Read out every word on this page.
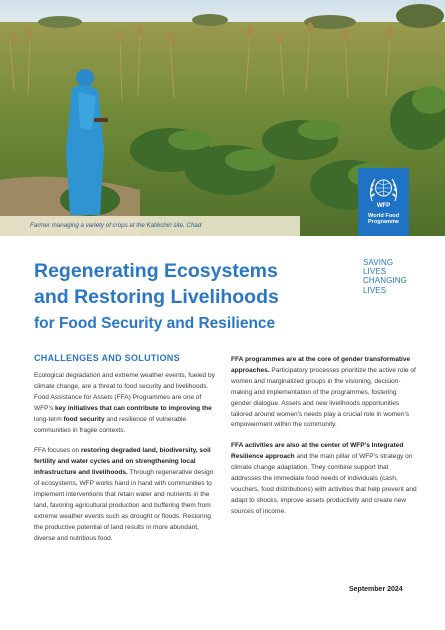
Farmer managing a variety of crops at the Katikchiri site, Chad
WFP
World Food
Programme
SAVING
LIVES
CHANGING
LIVES
Regenerating Ecosystems
and Restoring Livelihoods
for Food Security and Resilience
CHALLENGES AND SOLUTIONS

Ecological degradation and extreme weather events, fueled by climate change, are a threat to food security and livelihoods. Food Assistance for Assets (FFA) Programmes are one of WFP’s key initiatives that can contribute to improving the long-term food security and resilience of vulnerable communities in fragile contexts.

FFA focuses on restoring degraded land, biodiversity, soil fertility and water cycles and on strengthening local infrastructure and livelihoods. Through regenerative design of ecosystems, WFP works hand in hand with communities to implement interventions that retain water and nutrients in the land, favoring agricultural production and buffering them from extreme weather events such as drought or floods. Restoring the productive potential of land results in more abundant, diverse and nutritious food.

FFA programmes are at the core of gender transformative approaches. Participatory processes prioritize the active role of women and marginalized groups in the visioning, decision-making and implementation of the programmes, fostering gender dialogue. Assets and new livelihoods opportunities tailored around women’s needs play a crucial role in women’s empowerment within the community.

FFA activities are also at the center of WFP’s Integrated Resilience approach and the main pillar of WFP’s strategy on climate change adaptation. They combine support that addresses the immediate food needs of individuals (cash, vouchers, food distributions) with activities that help prevent and adapt to shocks, improve assets productivity and create new sources of income.

September 2024
